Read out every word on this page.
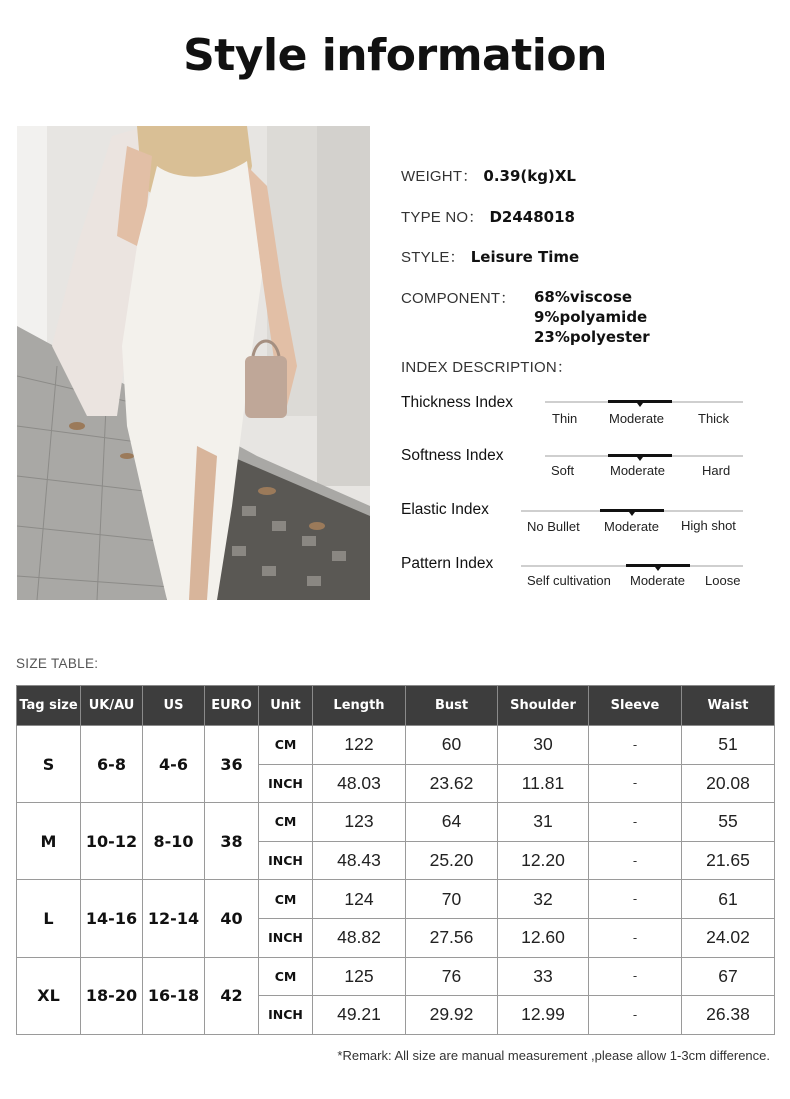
Style information
WEIGHT： 0.39(kg)XL
TYPE NO： D2448018
STYLE： Leisure Time
COMPONENT： 68%viscose
9%polyamide
23%polyester
INDEX DESCRIPTION：
Thickness Index
Thin Moderate	Thick
Softness Index
Soft	Moderate	Hard
Elastic Index
No Bullet Moderate High shot
Pattern Index
Self cultivation Moderate Loose
SIZE TABLE:
Tag size	UK/AU	US	EURO	Unit	Length	Bust	Shoulder	Sleeve	Waist
S	6-8	4-6	36	CM	122	60	30	-	51
				INCH	48.03	23.62	11.81	-	20.08
M	10-12	8-10	38	CM	123	64	31	-	55
				INCH	48.43	25.20	12.20	-	21.65
L	14-16	12-14	40	CM	124	70	32	-	61
				INCH	48.82	27.56	12.60	-	24.02
XL	18-20	16-18	42	CM	125	76	33	-	67
				INCH	49.21	29.92	12.99	-	26.38
*Remark: All size are manual measurement ,please allow 1-3cm difference.
